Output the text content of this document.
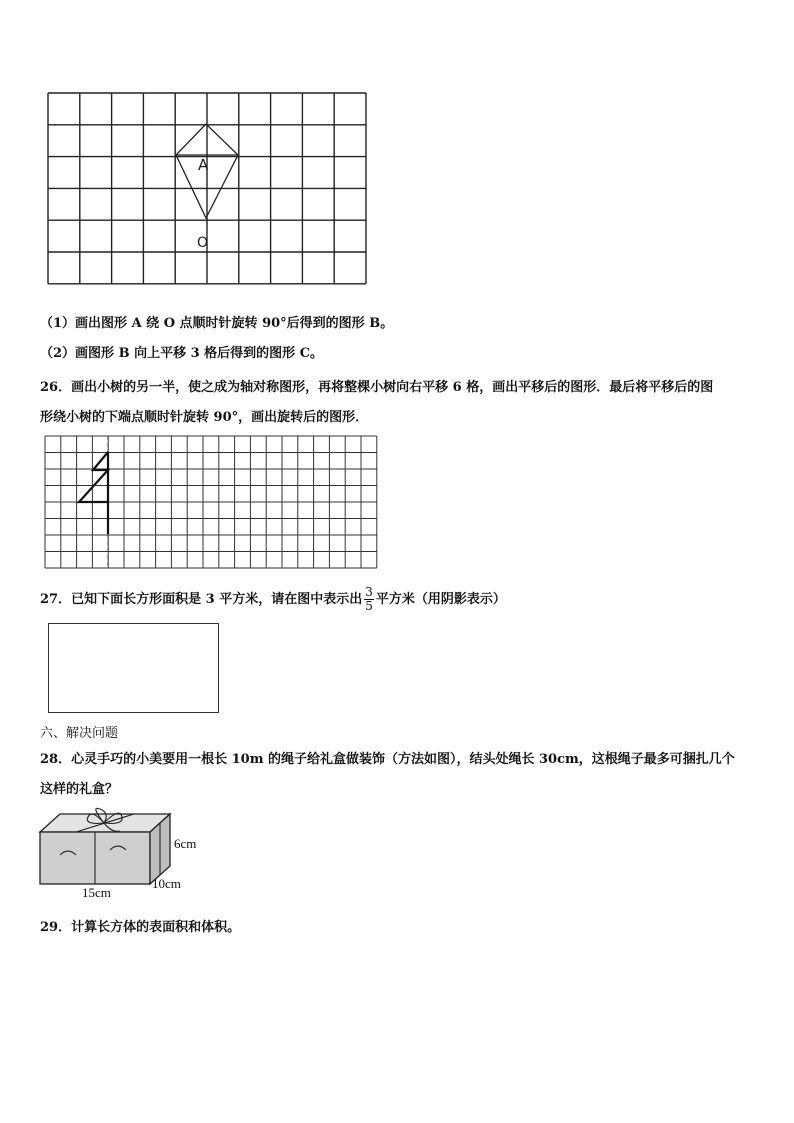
A
O
（1）画出图形 A 绕 O 点顺时针旋转 90°后得到的图形 B。
（2）画图形 B 向上平移 3 格后得到的图形 C。
26．画出小树的另一半，使之成为轴对称图形，再将整棵小树向右平移 6 格，画出平移后的图形．最后将平移后的图
形绕小树的下端点顺时针旋转 90°，画出旋转后的图形．
27．已知下面长方形面积是 3 平方米，请在图中表示出 $\frac{3}{5}$ 平方米（用阴影表示）
六、解决问题
28．心灵手巧的小美要用一根长 10m 的绳子给礼盒做装饰（方法如图），结头处绳长 30cm，这根绳子最多可捆扎几个
这样的礼盒？
6cm
10cm
15cm
29．计算长方体的表面积和体积。
